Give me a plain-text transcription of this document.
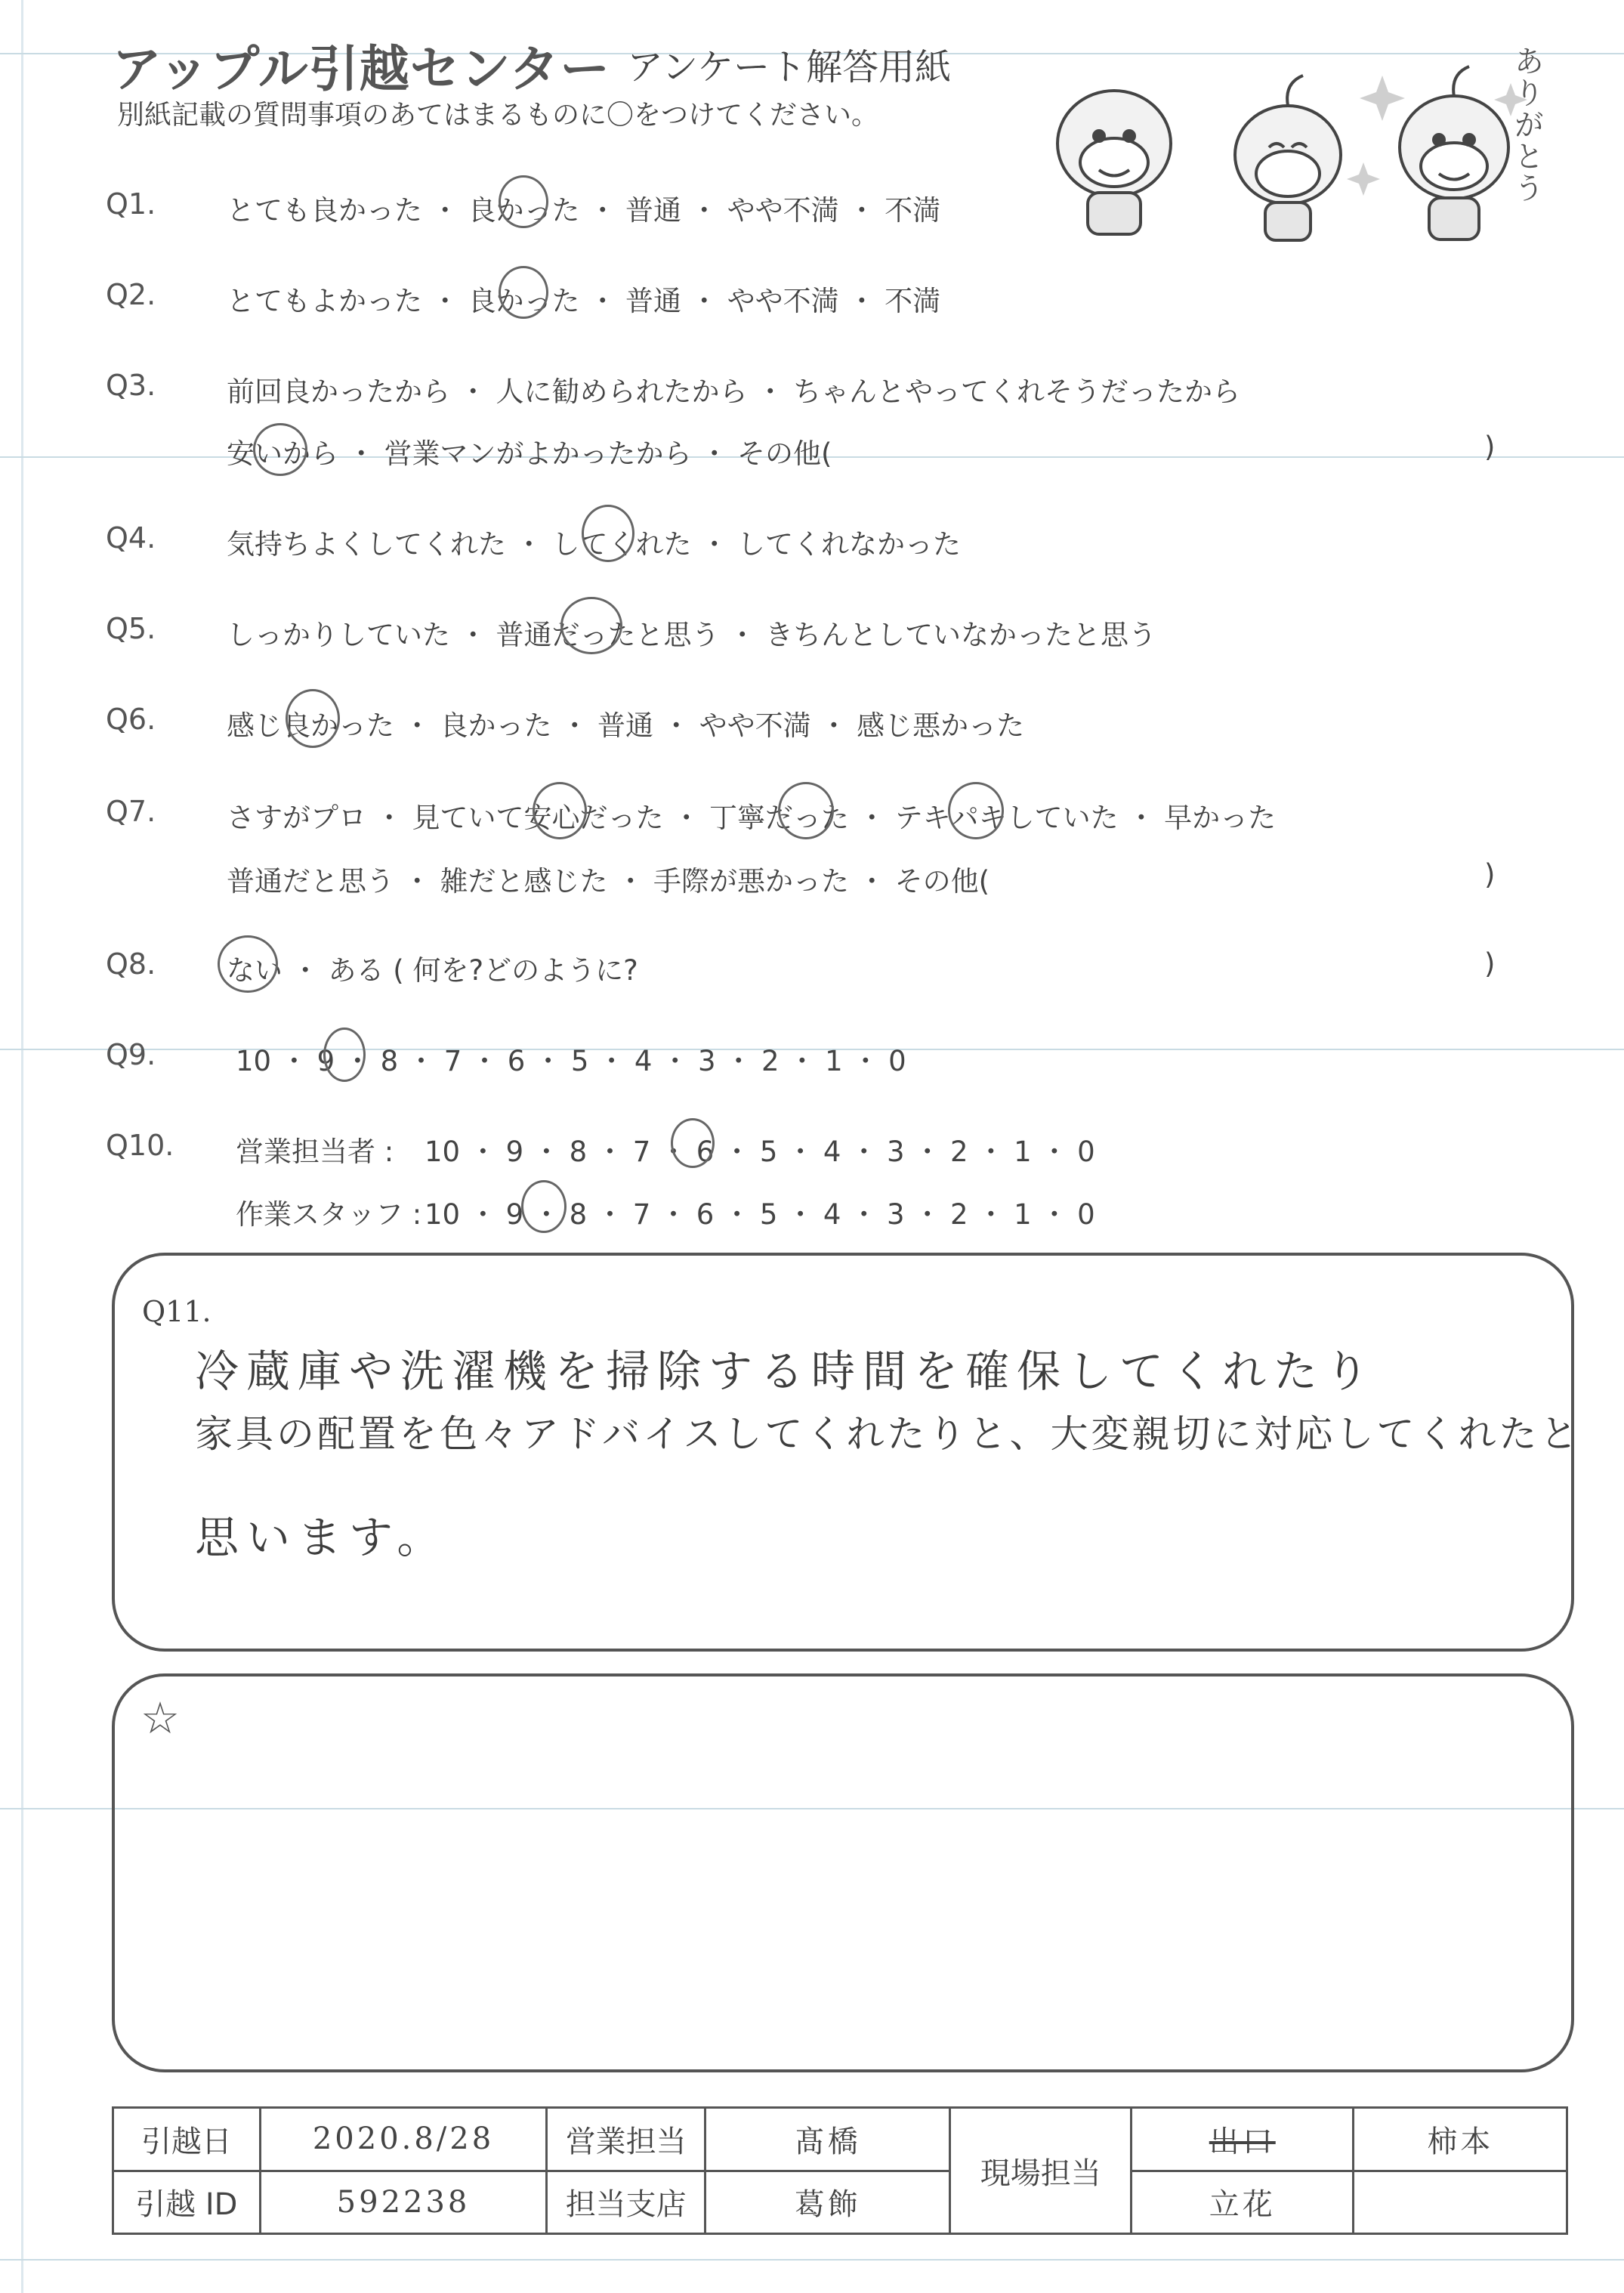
アップル引越センター アンケート解答用紙
別紙記載の質問事項のあてはまるものに〇をつけてください。	ありがとう
Q1.	とても良かった ・ 良かった ・ 普通 ・ やや不満 ・ 不満
Q2.	とてもよかった ・ 良かった ・ 普通 ・ やや不満 ・ 不満
Q3.	前回良かったから ・ 人に勧められたから ・ ちゃんとやってくれそうだったから
安いから ・ 営業マンがよかったから ・ その他(	)
Q4.	気持ちよくしてくれた ・ してくれた ・ してくれなかった
Q5.	しっかりしていた ・ 普通だったと思う ・ きちんとしていなかったと思う
Q6.	感じ良かった ・ 良かった ・ 普通 ・ やや不満 ・ 感じ悪かった
Q7.	さすがプロ ・ 見ていて安心だった ・ 丁寧だった ・ テキパキしていた ・ 早かった
普通だと思う ・ 雑だと感じた ・ 手際が悪かった ・ その他(	)
Q8.	ない ・ ある ( 何を?どのように?	)
Q9.	10 ・ 9 ・ 8 ・ 7 ・ 6 ・ 5 ・ 4 ・ 3 ・ 2 ・ 1 ・ 0
Q10. 営業担当者 : 10 ・ 9 ・ 8 ・ 7 ・ 6 ・ 5 ・ 4 ・ 3 ・ 2 ・ 1 ・ 0
作業スタッフ : 10 ・ 9 ・ 8 ・ 7 ・ 6 ・ 5 ・ 4 ・ 3 ・ 2 ・ 1 ・ 0
Q11.
冷蔵庫や洗濯機を掃除する時間を確保してくれたり
家具の配置を色々アドバイスしてくれたりと、大変親切に対応してくれたと
思います。
☆
引越日	2020.8/28	営業担当	髙橋	現場担当	出口	柿本
引越 ID	592238	担当支店	葛飾		立花	
